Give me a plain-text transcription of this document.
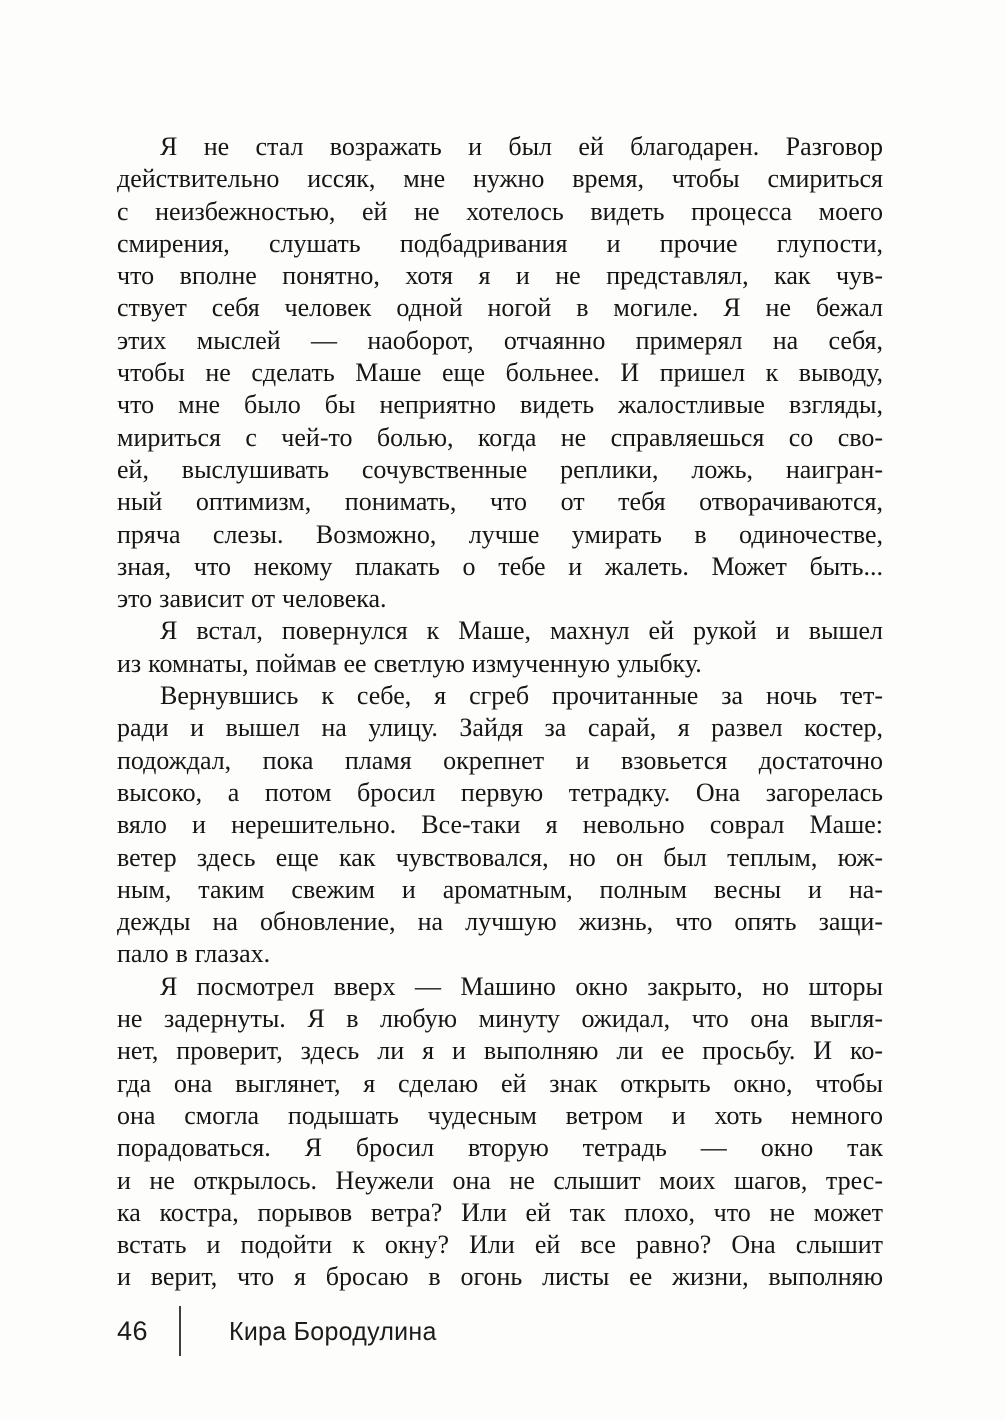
Я не стал возражать и был ей благодарен. Разговор
действительно иссяк, мне нужно время, чтобы смириться
с неизбежностью, ей не хотелось видеть процесса моего
смирения, слушать подбадривания и прочие глупости,
что вполне понятно, хотя я и не представлял, как чув-
ствует себя человек одной ногой в могиле. Я не бежал
этих мыслей — наоборот, отчаянно примерял на себя,
чтобы не сделать Маше еще больнее. И пришел к выводу,
что мне было бы неприятно видеть жалостливые взгляды,
мириться с чей-то болью, когда не справляешься со сво-
ей, выслушивать сочувственные реплики, ложь, наигран-
ный оптимизм, понимать, что от тебя отворачиваются,
пряча слезы. Возможно, лучше умирать в одиночестве,
зная, что некому плакать о тебе и жалеть. Может быть...
это зависит от человека.
Я встал, повернулся к Маше, махнул ей рукой и вышел
из комнаты, поймав ее светлую измученную улыбку.
Вернувшись к себе, я сгреб прочитанные за ночь тет-
ради и вышел на улицу. Зайдя за сарай, я развел костер,
подождал, пока пламя окрепнет и взовьется достаточно
высоко, а потом бросил первую тетрадку. Она загорелась
вяло и нерешительно. Все-таки я невольно соврал Маше:
ветер здесь еще как чувствовался, но он был теплым, юж-
ным, таким свежим и ароматным, полным весны и на-
дежды на обновление, на лучшую жизнь, что опять защи-
пало в глазах.
Я посмотрел вверх — Машино окно закрыто, но шторы
не задернуты. Я в любую минуту ожидал, что она выгля-
нет, проверит, здесь ли я и выполняю ли ее просьбу. И ко-
гда она выглянет, я сделаю ей знак открыть окно, чтобы
она смогла подышать чудесным ветром и хоть немного
порадоваться. Я бросил вторую тетрадь — окно так
и не открылось. Неужели она не слышит моих шагов, трес-
ка костра, порывов ветра? Или ей так плохо, что не может
встать и подойти к окну? Или ей все равно? Она слышит
и верит, что я бросаю в огонь листы ее жизни, выполняю
46	Кира Бородулина
